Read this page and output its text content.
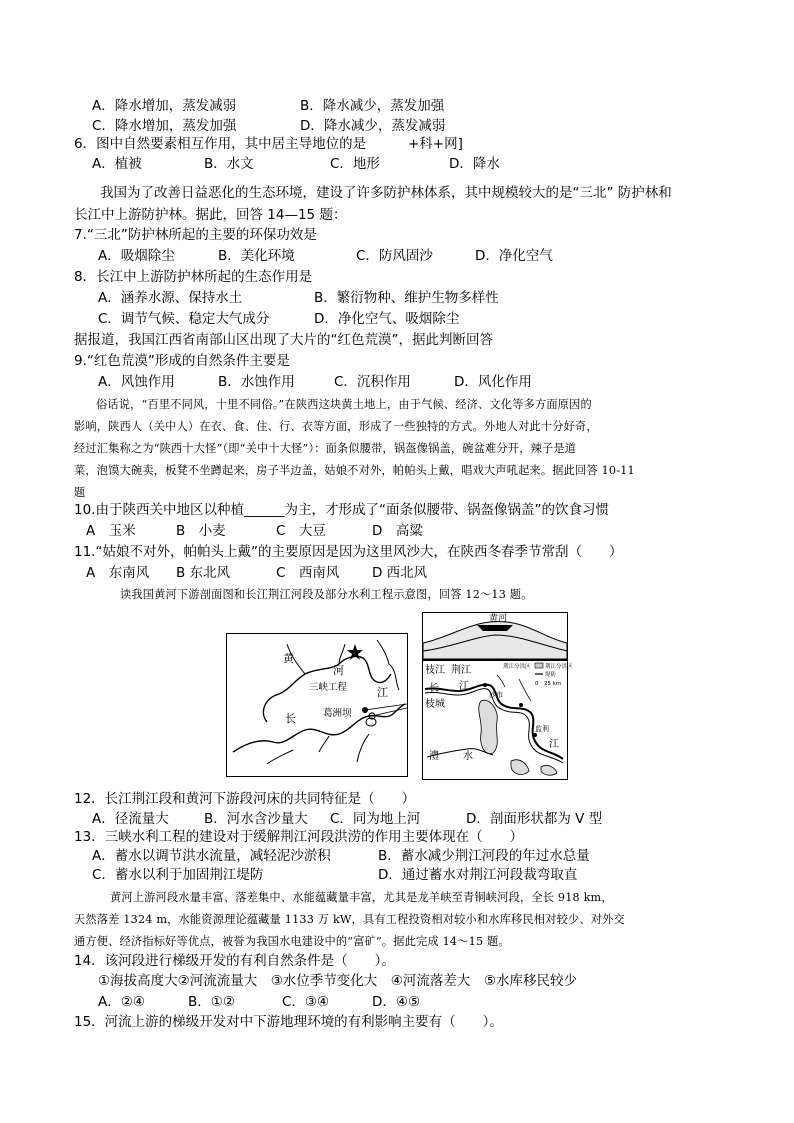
A．降水增加，蒸发减弱	B．降水减少，蒸发加强
C．降水增加，蒸发加强	D．降水减少，蒸发减弱
6．图中自然要素相互作用，其中居主导地位的是	+科+网]
A．植被	B．水文	C．地形	D．降水
我国为了改善日益恶化的生态环境，建设了许多防护林体系，其中规模较大的是“三北” 防护林和
长江中上游防护林。据此，回答 14—15 题：
7.“三北”防护林所起的主要的环保功效是
A．吸烟除尘	B．美化环境	C．防风固沙	D．净化空气
8．长江中上游防护林所起的生态作用是
A．涵养水源、保持水土	B．繁衍物种、维护生物多样性
C．调节气候、稳定大气成分	D．净化空气、吸烟除尘
据报道，我国江西省南部山区出现了大片的“红色荒漠”，据此判断回答
9.“红色荒漠”形成的自然条件主要是
A．风蚀作用	B．水蚀作用	C．沉积作用	D．风化作用
俗话说，“百里不同风，十里不同俗。”在陕西这块黄土地上，由于气候、经济、文化等多方面原因的
影响，陕西人（关中人）在衣、食、住、行、衣等方面，形成了一些独特的方式。外地人对此十分好奇，
经过汇集称之为“陕西十大怪”（即“关中十大怪”）：面条似腰带，锅盔像锅盖，碗盆难分开，辣子是道
菜，泡馍大碗卖，板凳不坐蹲起来，房子半边盖，姑娘不对外，帕帕头上戴，唱戏大声吼起来。据此回答 10-11
题
10.由于陕西关中地区以种植______为主，才形成了“面条似腰带、锅盔像锅盖”的饮食习惯
A　玉米	B　小麦	C　大豆	D　高粱
11.“姑娘不对外，帕帕头上戴”的主要原因是因为这里风沙大，在陕西冬春季节常刮（　　）
A　东南风 B 东北风	C　西南风 D 西北风
读我国黄河下游剖面图和长江荆江河段及部分水利工程示意图，回答 12～13 题。
黄
河
三峡工程
葛洲坝
长
江
黄河
枝江 荆江
枝城
长 江
澧 水
江
荆江分洪区	荆江分洪区
堤防
0　25 km
沙市
监利
12．长江荆江段和黄河下游段河床的共同特征是（　　）
A．径流量大	B．河水含沙量大 C．同为地上河	D．剖面形状都为 V 型
13．三峡水利工程的建设对于缓解荆江河段洪涝的作用主要体现在（　　）
A．蓄水以调节洪水流量，减轻泥沙淤积	B．蓄水减少荆江河段的年过水总量
C．蓄水以利于加固荆江堤防	D．通过蓄水对荆江河段裁弯取直
黄河上游河段水量丰富、落差集中、水能蕴藏量丰富，尤其是龙羊峡至青铜峡河段，全长 918 km，
天然落差 1324 m，水能资源理论蕴藏量 1133 万 kW，具有工程投资相对较小和水库移民相对较少、对外交
通方便、经济指标好等优点，被誉为我国水电建设中的“富矿”。据此完成 14～15 题。
14．该河段进行梯级开发的有利自然条件是（　　）。
①海拔高度大②河流流量大　③水位季节变化大　④河流落差大　⑤水库移民较少
A．②④	B．①②	C．③④	D．④⑤
15．河流上游的梯级开发对中下游地理环境的有利影响主要有（　　）。
